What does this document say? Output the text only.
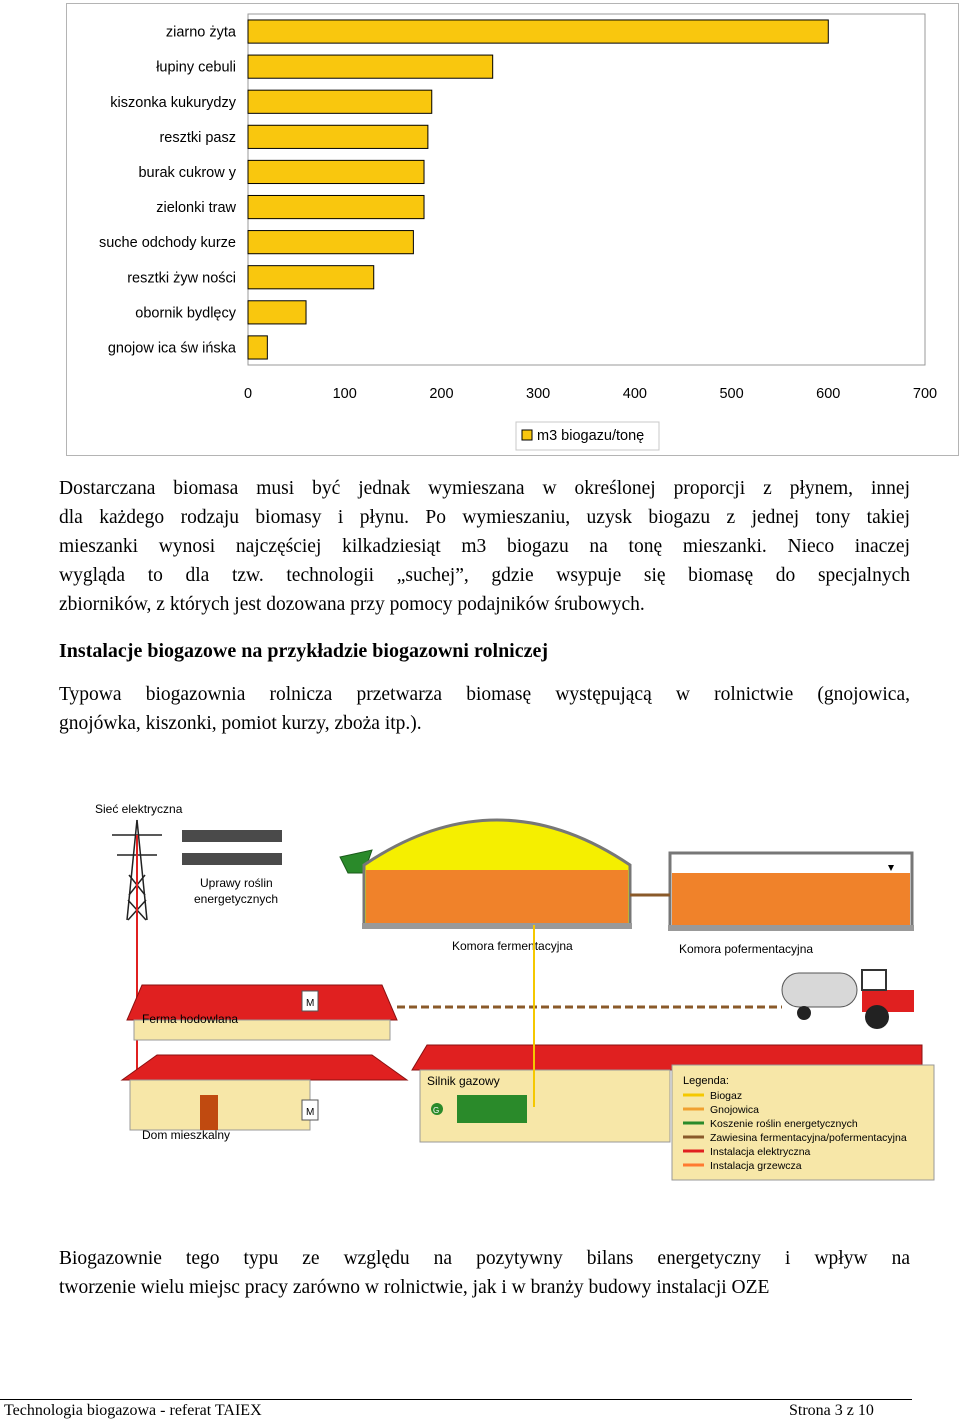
ziarno żyta
łupiny cebuli
kiszonka kukurydzy
resztki pasz
burak cukrow y
zielonki traw
suche odchody kurze
resztki żyw ności
obornik bydlęcy
gnojow ica św ińska
0	100	200	300	400	500	600	700
m3 biogazu/tonę

Dostarczana biomasa musi być jednak wymieszana w określonej proporcji z płynem, innej
dla każdego rodzaju biomasy i płynu. Po wymieszaniu, uzysk biogazu z jednej tony takiej
mieszanki wynosi najczęściej kilkadziesiąt m3 biogazu na tonę mieszanki. Nieco inaczej
wygląda to dla tzw. technologii „suchej”, gdzie wsypuje się biomasę do specjalnych
zbiorników, z których jest dozowana przy pomocy podajników śrubowych.

Instalacje biogazowe na przykładzie biogazowni rolniczej

Typowa biogazownia rolnicza przetwarza biomasę występującą w rolnictwie (gnojowica,
gnojówka, kiszonki, pomiot kurzy, zboża itp.).

Sieć elektryczna
Uprawy roślin
energetycznych
Komora fermentacyjna	Komora pofermentacyjna
M
Ferma hodowlana
M
Dom mieszkalny
G
Silnik gazowy	Legenda:
Biogaz
Gnojowica
Koszenie roślin energetycznych
Zawiesina fermentacyjna/pofermentacyjna
Instalacja elektryczna
Instalacja grzewcza

Biogazownie tego typu ze względu na pozytywny bilans energetyczny i wpływ na
tworzenie wielu miejsc pracy zarówno w rolnictwie, jak i w branży budowy instalacji OZE

Technologia biogazowa - referat TAIEX	Strona 3 z 10
